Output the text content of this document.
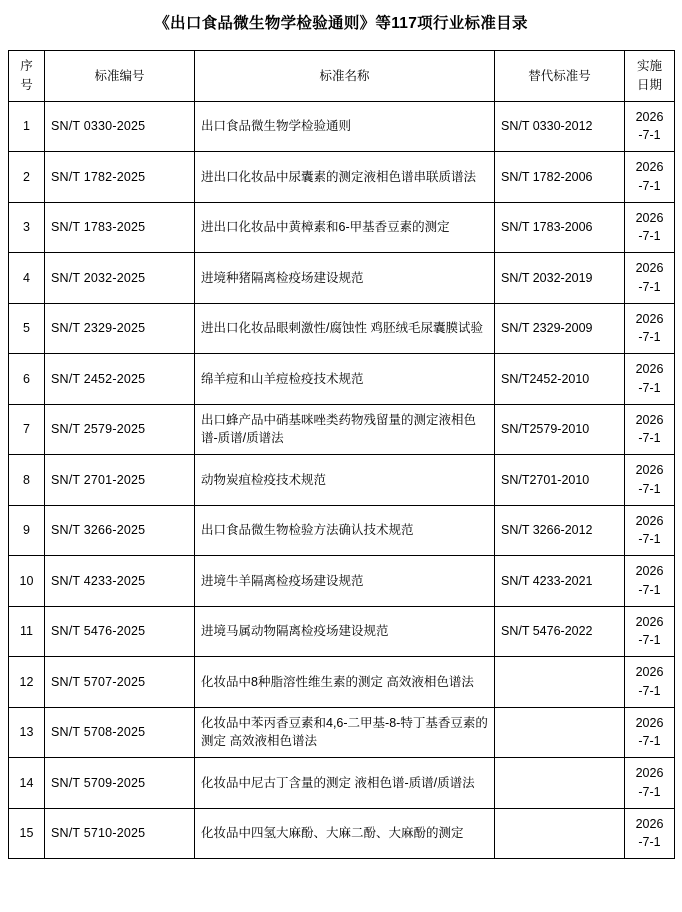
《出口食品微生物学检验通则》等117项行业标准目录
序号	标准编号	标准名称	替代标准号	实施日期
1	SN/T 0330-2025	出口食品微生物学检验通则	SN/T 0330-2012	2026
-7-1

2	SN/T 1782-2025	进出口化妆品中尿囊素的测定液相色谱串联质谱法	SN/T 1782-2006	2026
-7-1

3	SN/T 1783-2025	进出口化妆品中黄樟素和6-甲基香豆素的测定	SN/T 1783-2006	2026
-7-1

4	SN/T 2032-2025	进境种猪隔离检疫场建设规范	SN/T 2032-2019	2026
-7-1

5	SN/T 2329-2025	进出口化妆品眼刺激性/腐蚀性 鸡胚绒毛尿囊膜试验	SN/T 2329-2009	2026
-7-1

6	SN/T 2452-2025	绵羊痘和山羊痘检疫技术规范	SN/T2452-2010	2026
-7-1

7	SN/T 2579-2025	出口蜂产品中硝基咪唑类药物残留量的测定液相色谱-质谱/质谱法	SN/T2579-2010	2026
-7-1

8	SN/T 2701-2025	动物炭疽检疫技术规范	SN/T2701-2010	2026
-7-1

9	SN/T 3266-2025	出口食品微生物检验方法确认技术规范	SN/T 3266-2012	2026
-7-1

10	SN/T 4233-2025	进境牛羊隔离检疫场建设规范	SN/T 4233-2021	2026
-7-1

11	SN/T 5476-2025	进境马属动物隔离检疫场建设规范	SN/T 5476-2022	2026
-7-1

12	SN/T 5707-2025	化妆品中8种脂溶性维生素的测定 高效液相色谱法		2026
-7-1

13	SN/T 5708-2025	化妆品中苯丙香豆素和4,6-二甲基-8-特丁基香豆素的测定 高效液相色谱法		2026
-7-1

14	SN/T 5709-2025	化妆品中尼古丁含量的测定 液相色谱-质谱/质谱法		2026
-7-1

15	SN/T 5710-2025	化妆品中四氢大麻酚、大麻二酚、大麻酚的测定		2026
-7-1
